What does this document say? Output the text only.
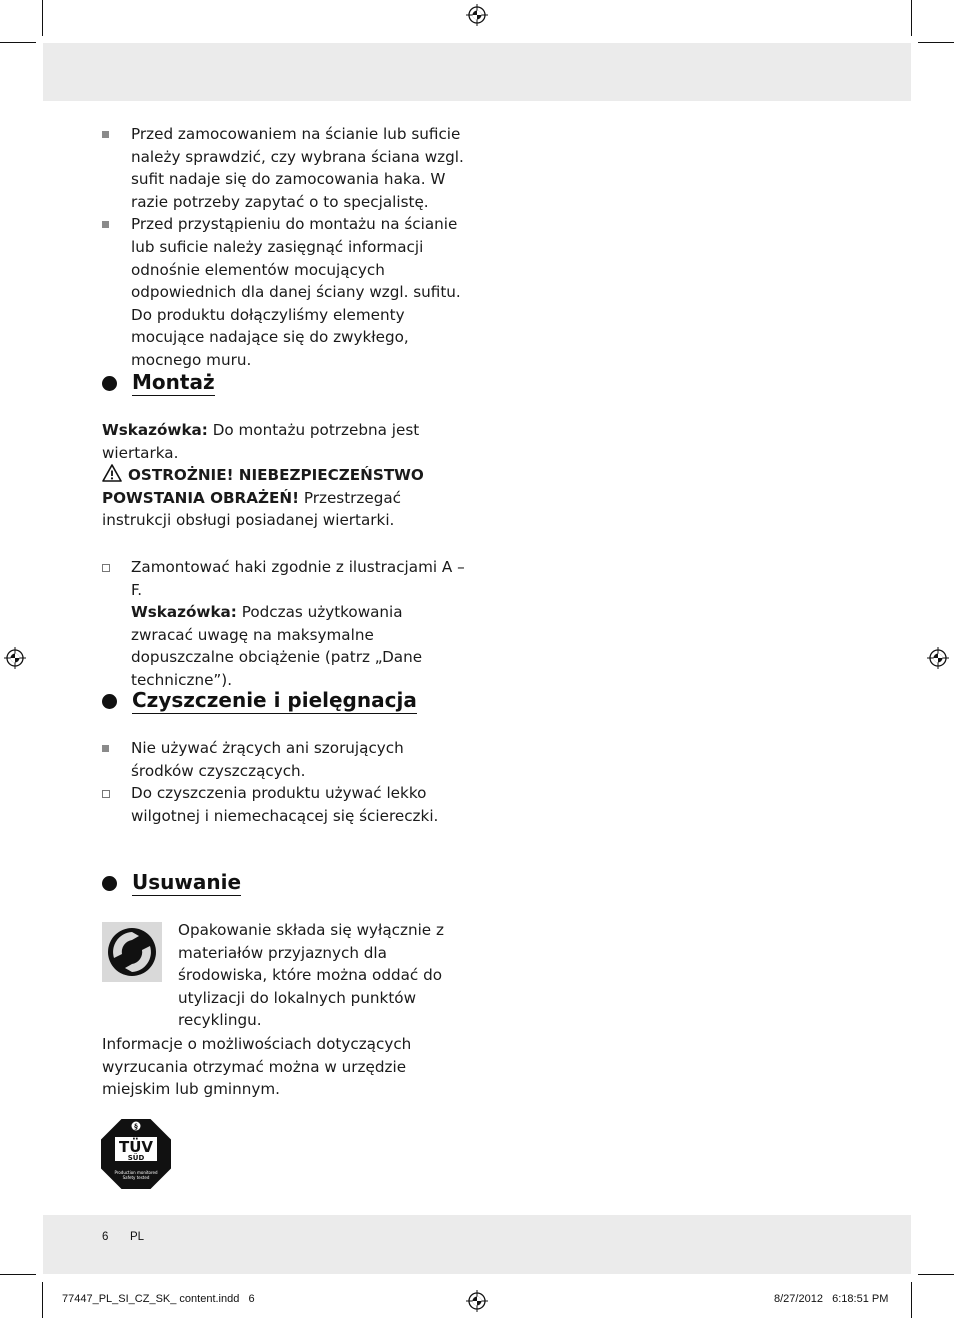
Przed zamocowaniem na ścianie lub suficie należy sprawdzić, czy wybrana ściana wzgl. sufit nadaje się do zamocowania haka. W razie potrzeby zapytać o to specjalistę.
Przed przystąpieniu do montażu na ścianie lub suficie należy zasięgnąć informacji odnośnie elementów mocujących odpowiednich dla danej ściany wzgl. sufitu. Do produktu dołączyliśmy elementy mocujące nadające się do zwykłego, mocnego muru.
Montaż
Wskazówka: Do montażu potrzebna jest wiertarka.
OSTROŻNIE! NIEBEZPIECZEŃSTWO POWSTANIA OBRAŻEŃ! Przestrzegać instrukcji obsługi posiadanej wiertarki.
Zamontować haki zgodnie z ilustracjami A – F.
Wskazówka: Podczas użytkowania zwracać uwagę na maksymalne dopuszczalne obciążenie (patrz „Dane techniczne”).
Czyszczenie i pielęgnacja
Nie używać żrących ani szorujących środków czyszczących.
Do czyszczenia produktu używać lekko wilgotnej i niemechacącej się ściereczki.
Usuwanie
Opakowanie składa się wyłącznie z materiałów przyjaznych dla środowiska, które można oddać do utylizacji do lokalnych punktów recyklingu.
Informacje o możliwościach dotyczących wyrzucania otrzymać można w urzędzie miejskim lub gminnym.
§
TÜV
SÜD
Production monitored
Safety tested
6 PL
77447_PL_SI_CZ_SK_ content.indd   6	8/27/2012   6:18:51 PM
